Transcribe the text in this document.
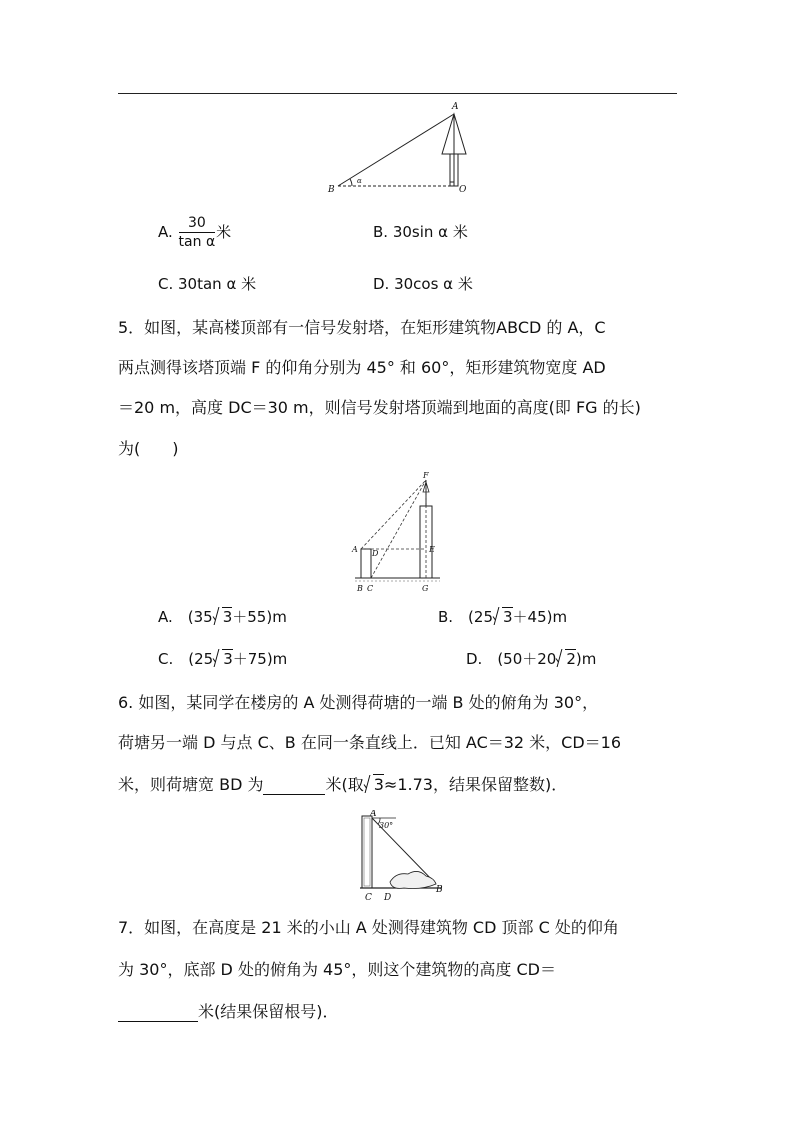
A
B	O
α
A. $\frac{30}{\text{tan α}}$ 米	B. 30sin α 米
C. 30tan α 米	D. 30cos α 米
5．如图，某高楼顶部有一信号发射塔，在矩形建筑物ABCD 的 A，C
两点测得该塔顶端 F 的仰角分别为 45° 和 60°，矩形建筑物宽度 AD
＝20 m，高度 DC＝30 m，则信号发射塔顶端到地面的高度(即 FG 的长)
为(　　)
F
A D	E
B C	G
A.　(35 3＋55)m	B.　(25 3＋45)m
C.　(25 3＋75)m	D.　(50＋20 2)m
6. 如图，某同学在楼房的 A 处测得荷塘的一端 B 处的俯角为 30°，
荷塘另一端 D 与点 C、B 在同一条直线上．已知 AC＝32 米，CD＝16
米，则荷塘宽 BD 为	米(取 3≈1.73，结果保留整数)．
A
30°
C D
B
7．如图，在高度是 21 米的小山 A 处测得建筑物 CD 顶部 C 处的仰角
为 30°，底部 D 处的俯角为 45°，则这个建筑物的高度 CD＝
米(结果保留根号)．
